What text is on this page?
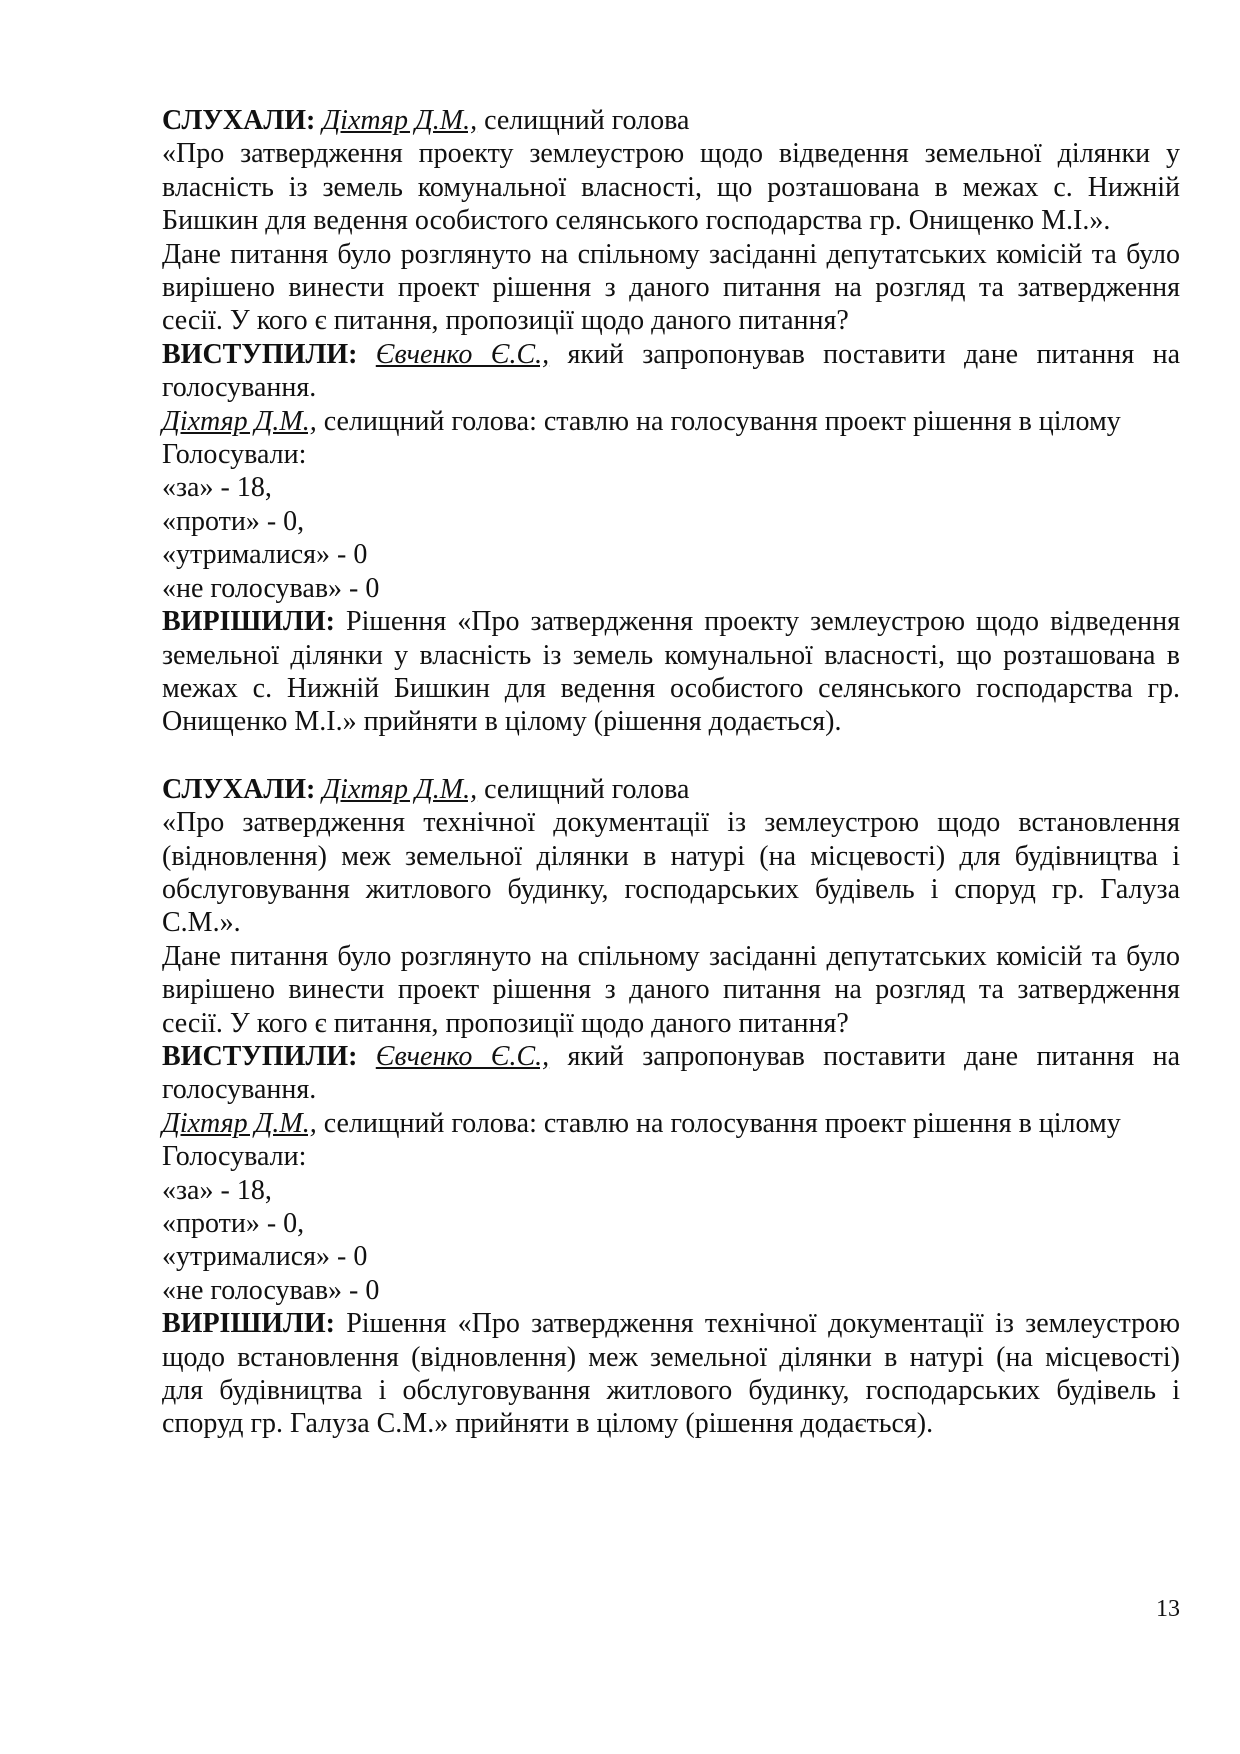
СЛУХАЛИ: Діхтяр Д.М., селищний голова

«Про затвердження проекту землеустрою щодо відведення земельної ділянки у власність із земель комунальної власності, що розташована в межах с. Нижній Бишкин для ведення особистого селянського господарства гр. Онищенко М.І.».

Дане питання було розглянуто на спільному засіданні депутатських комісій та було вирішено винести проект рішення з даного питання на розгляд та затвердження сесії. У кого є питання, пропозиції щодо даного питання?

ВИСТУПИЛИ: Євченко Є.С., який запропонував поставити дане питання на голосування.

Діхтяр Д.М., селищний голова: ставлю на голосування проект рішення в цілому

Голосували:

«за» - 18,

«проти» - 0,

«утрималися» - 0

«не голосував» - 0

ВИРІШИЛИ: Рішення «Про затвердження проекту землеустрою щодо відведення земельної ділянки у власність із земель комунальної власності, що розташована в межах с. Нижній Бишкин для ведення особистого селянського господарства гр. Онищенко М.І.» прийняти в цілому (рішення додається).

СЛУХАЛИ: Діхтяр Д.М., селищний голова

«Про затвердження технічної документації із землеустрою щодо встановлення (відновлення) меж земельної ділянки в натурі (на місцевості) для будівництва і обслуговування житлового будинку, господарських будівель і споруд гр. Галуза С.М.».

Дане питання було розглянуто на спільному засіданні депутатських комісій та було вирішено винести проект рішення з даного питання на розгляд та затвердження сесії. У кого є питання, пропозиції щодо даного питання?

ВИСТУПИЛИ: Євченко Є.С., який запропонував поставити дане питання на голосування.

Діхтяр Д.М., селищний голова: ставлю на голосування проект рішення в цілому

Голосували:

«за» - 18,

«проти» - 0,

«утрималися» - 0

«не голосував» - 0

ВИРІШИЛИ: Рішення «Про затвердження технічної документації із землеустрою щодо встановлення (відновлення) меж земельної ділянки в натурі (на місцевості) для будівництва і обслуговування житлового будинку, господарських будівель і споруд гр. Галуза С.М.» прийняти в цілому (рішення додається).

13
